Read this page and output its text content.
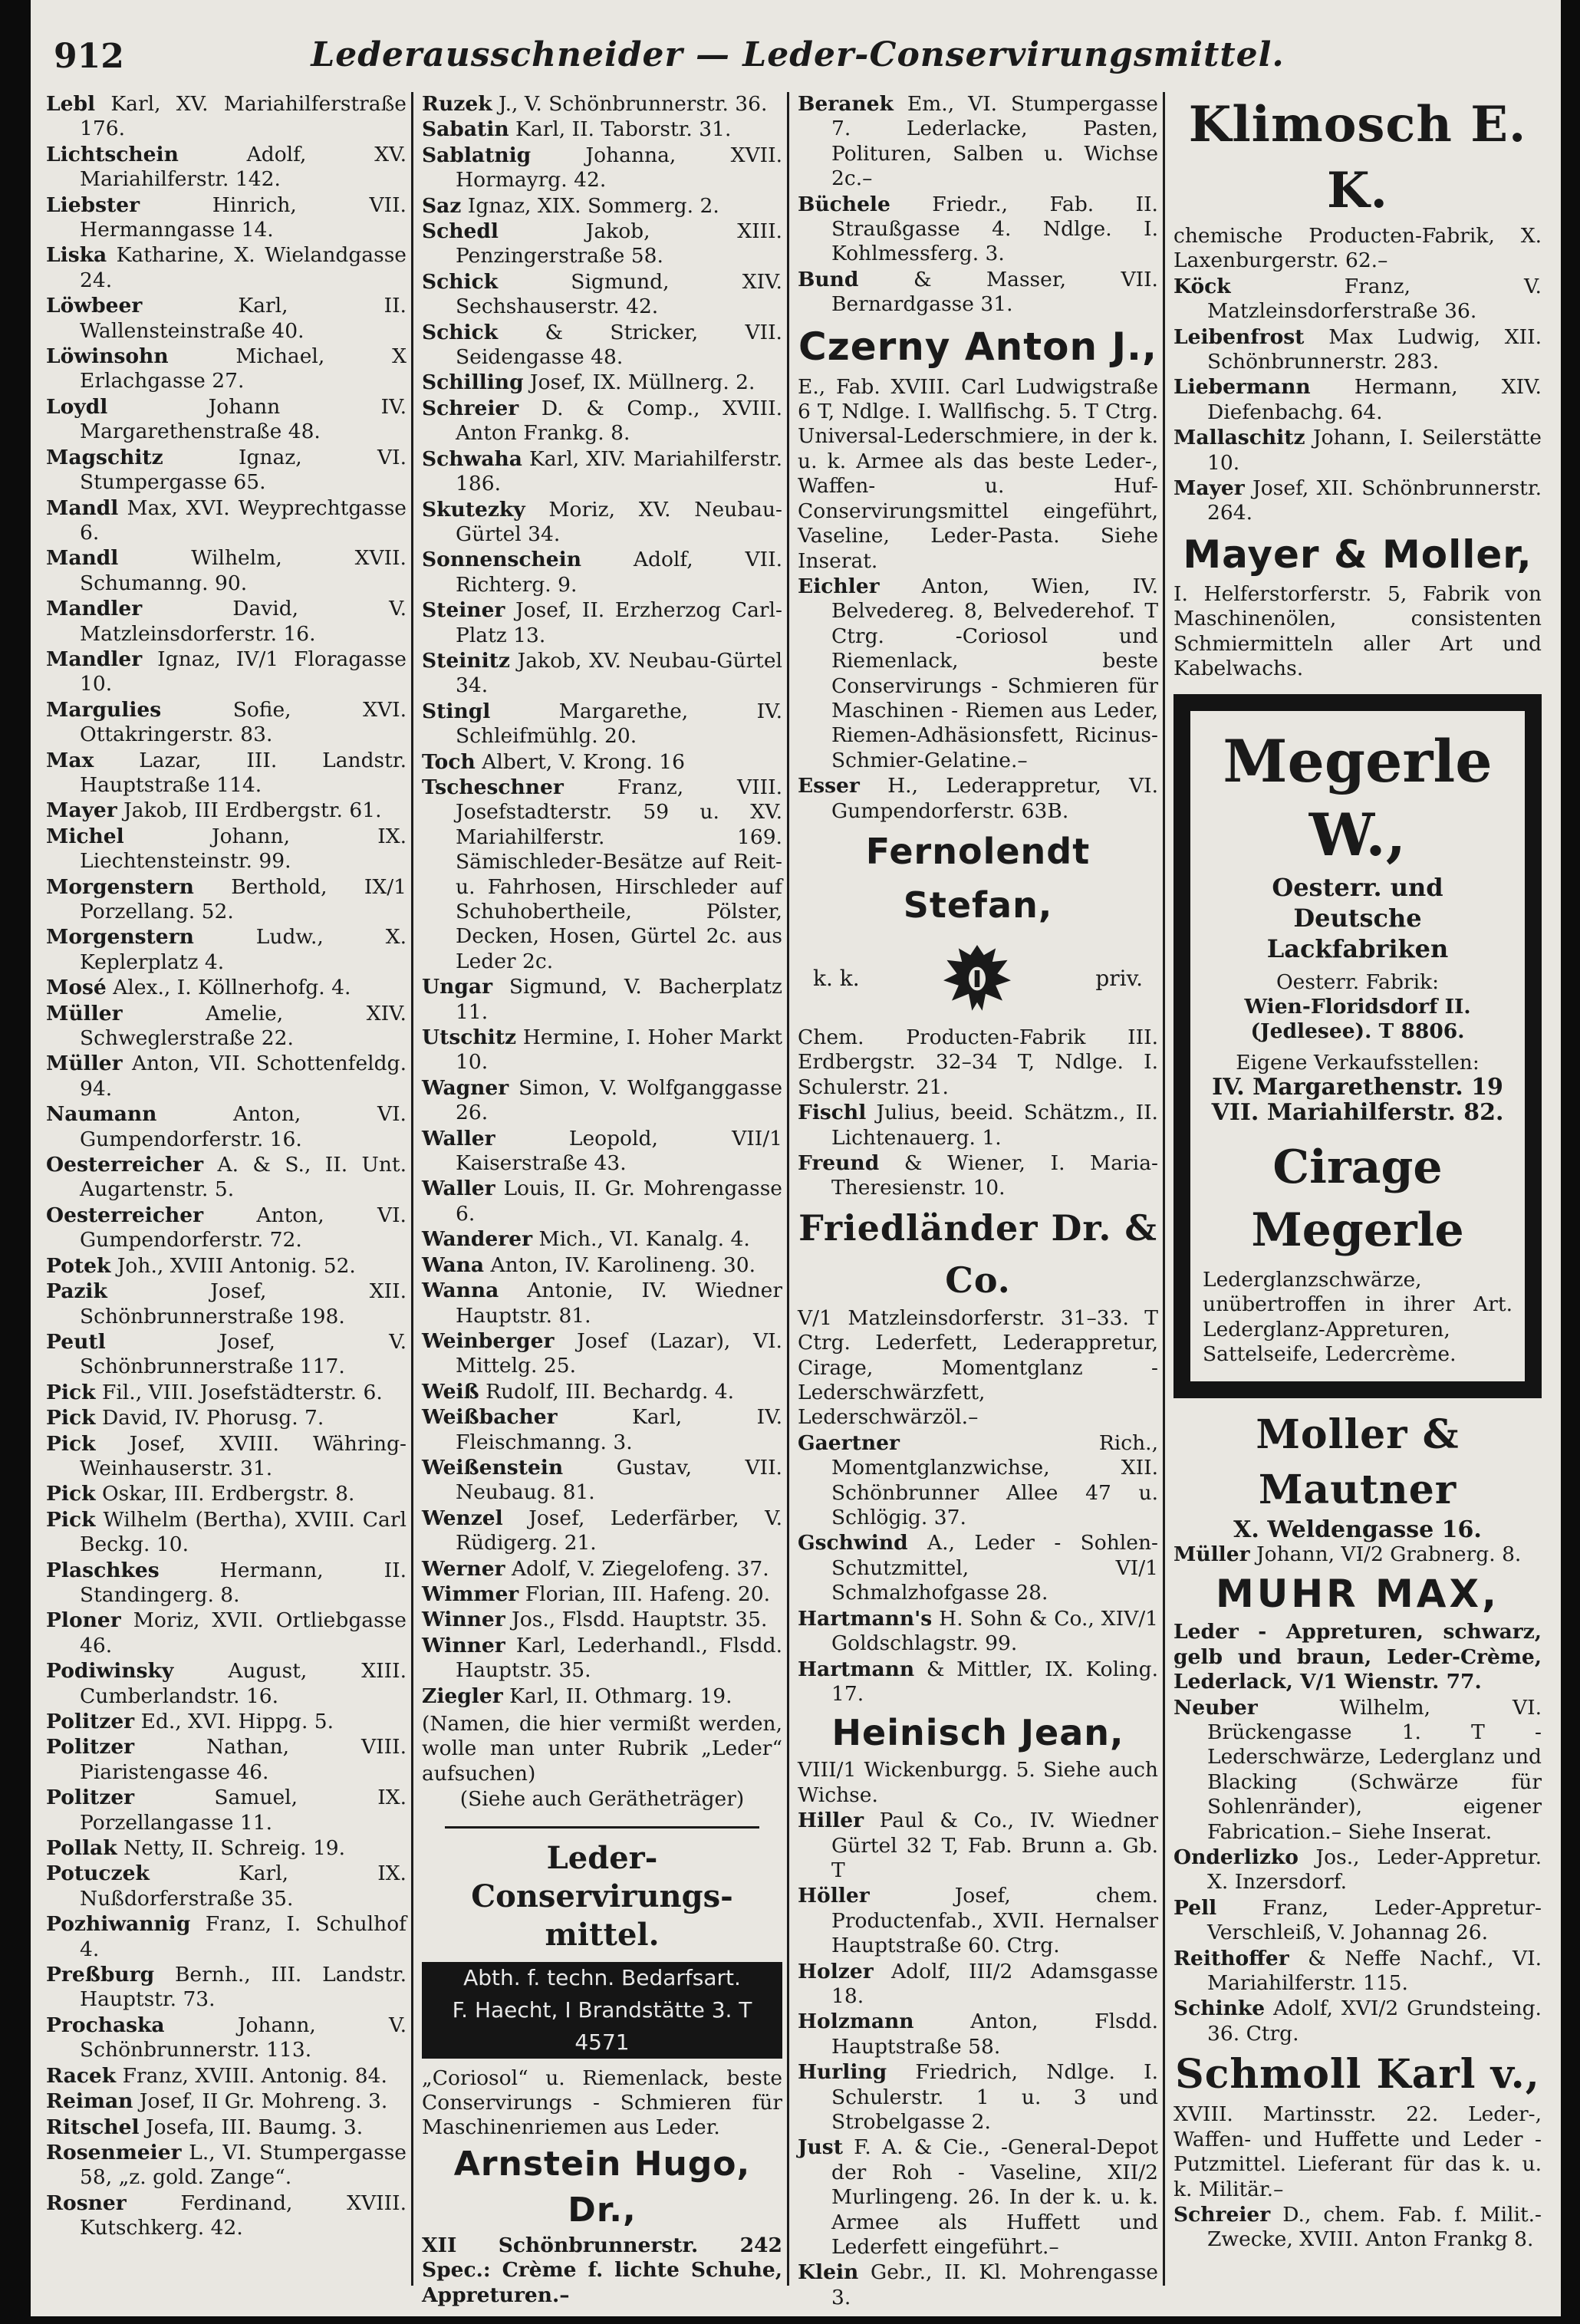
912	Lederausschneider — Leder-Conservirungsmittel.
Lebl Karl, XV. Mariahilferstraße 176.
Lichtschein	Adolf, XV. Mariahilferstr. 142.
Liebster	Hinrich, VII. Hermanngasse 14.
Liska Katharine, X. Wielandgasse 24.
Löwbeer	Karl, II. Wallensteinstraße 40.
Löwinsohn	Michael, X Erlachgasse 27.
Loydl	Johann IV. Margarethenstraße 48.
Magschitz	Ignaz, VI. Stumpergasse 65.
Mandl Max, XVI. Weyprechtgasse 6.
Mandl	Wilhelm, XVII. Schumanng. 90.
Mandler	David, V. Matzleinsdorferstr. 16.
Mandler Ignaz, IV/1 Floragasse 10.
Margulies	Sofie, XVI. Ottakringerstr. 83.
Max Lazar, III. Landstr. Hauptstraße 114.
Mayer Jakob, III Erdbergstr. 61.
Michel	Johann, IX. Liechtensteinstr. 99.
Morgenstern Berthold, IX/1 Porzellang. 52.
Morgenstern	Ludw., X. Keplerplatz 4.
Mosé Alex., I. Köllnerhofg. 4.
Müller	Amelie, XIV. Schweglerstraße 22.
Müller Anton, VII. Schottenfeldg. 94.
Naumann	Anton, VI. Gumpendorferstr. 16.
Oesterreicher A. & S., II. Unt. Augartenstr. 5.
Oesterreicher	Anton, VI. Gumpendorferstr. 72.
Potek Joh., XVIII Antonig. 52.
Pazik	Josef, XII. Schönbrunnerstraße 198.
Peutl	Josef, V. Schönbrunnerstraße 117.
Pick Fil., VIII. Josefstädterstr. 6.
Pick David, IV. Phorusg. 7.
Pick Josef, XVIII. Währing-Weinhauserstr. 31.
Pick Oskar, III. Erdbergstr. 8.
Pick Wilhelm (Bertha), XVIII. Carl Beckg. 10.
Plaschkes	Hermann, II. Standingerg. 8.
Ploner Moriz, XVII. Ortliebgasse 46.
Podiwinsky	August, XIII. Cumberlandstr. 16.
Politzer Ed., XVI. Hippg. 5.
Politzer	Nathan, VIII. Piaristengasse 46.
Politzer	Samuel, IX. Porzellangasse 11.
Pollak Netty, II. Schreig. 19.
Potuczek	Karl, IX. Nußdorferstraße 35.
Pozhiwannig Franz, I. Schulhof 4.
Preßburg Bernh., III. Landstr. Hauptstr. 73.
Prochaska	Johann, V. Schönbrunnerstr. 113.
Racek Franz, XVIII. Antonig. 84.
Reiman Josef, II Gr. Mohreng. 3.
Ritschel Josefa, III. Baumg. 3.
Rosenmeier L., VI. Stumpergasse 58, „z. gold. Zange“.
Rosner	Ferdinand, XVIII. Kutschkerg. 42.
Ruzek J., V. Schönbrunnerstr. 36.
Sabatin Karl, II. Taborstr. 31.
Sablatnig	Johanna, XVII. Hormayrg. 42.
Saz Ignaz, XIX. Sommerg. 2.
Schedl	Jakob, XIII. Penzingerstraße 58.
Schick	Sigmund, XIV. Sechshauserstr. 42.
Schick & Stricker, VII. Seidengasse 48.
Schilling Josef, IX. Müllnerg. 2.
Schreier D. & Comp., XVIII. Anton Frankg. 8.
Schwaha Karl, XIV. Mariahilferstr. 186.
Skutezky Moriz, XV. Neubau-Gürtel 34.
Sonnenschein	Adolf, VII. Richterg. 9.
Steiner Josef, II. Erzherzog Carl-Platz 13.
Steinitz Jakob, XV. Neubau-Gürtel 34.
Stingl	Margarethe, IV. Schleifmühlg. 20.
Toch Albert, V. Krong. 16
Tscheschner	Franz, VIII. Josefstadterstr. 59 u. XV. Mariahilferstr. 169. Sämischleder-Besätze auf Reit- u. Fahrhosen, Hirschleder auf Schuhobertheile, Pölster, Decken, Hosen, Gürtel 2c. aus Leder 2c.
Ungar Sigmund, V. Bacherplatz 11.
Utschitz Hermine, I. Hoher Markt 10.
Wagner Simon, V. Wolfganggasse 26.
Waller	Leopold, VII/1 Kaiserstraße 43.
Waller Louis, II. Gr. Mohrengasse 6.
Wanderer Mich., VI. Kanalg. 4.
Wana Anton, IV. Karolineng. 30.
Wanna Antonie, IV. Wiedner Hauptstr. 81.
Weinberger Josef (Lazar), VI. Mittelg. 25.
Weiß Rudolf, III. Bechardg. 4.
Weißbacher	Karl, IV. Fleischmanng. 3.
Weißenstein	Gustav, VII. Neubaug. 81.
Wenzel Josef, Lederfärber, V. Rüdigerg. 21.
Werner Adolf, V. Ziegelofeng. 37.
Wimmer Florian, III. Hafeng. 20.
Winner Jos., Flsdd. Hauptstr. 35.
Winner Karl, Lederhandl., Flsdd. Hauptstr. 35.
Ziegler Karl, II. Othmarg. 19.
(Namen, die hier vermißt werden, wolle man unter Rubrik „Leder“ aufsuchen)
(Siehe auch Gerätheträger)
Leder-Conservirungs-mittel.
Abth. f. techn. Bedarfsart.
F. Haecht, I Brandstätte 3. T 4571
„Coriosol“ u. Riemenlack, beste Conservirungs - Schmieren für Maschinenriemen aus Leder.
Arnstein Hugo, Dr.,
XII Schönbrunnerstr. 242 Spec.: Crème f. lichte Schuhe, Appreturen.–
Beranek Em., VI. Stumpergasse 7. Lederlacke, Pasten, Polituren, Salben u. Wichse 2c.–
Büchele Friedr., Fab. II. Straußgasse 4. Ndlge. I. Kohlmessferg. 3.
Bund	& Masser, VII. Bernardgasse 31.
Czerny Anton J.,
E., Fab. XVIII. Carl Ludwigstraße 6 T, Ndlge. I. Wallfischg. 5. T Ctrg. Universal-Lederschmiere, in der k. u. k. Armee als das beste Leder-, Waffen- u. Huf-Conservirungsmittel eingeführt, Vaseline, Leder-Pasta. Siehe Inserat.
Eichler Anton, Wien, IV. Belvedereg. 8, Belvederehof. T Ctrg. -Coriosol und Riemenlack, beste Conservirungs - Schmieren für Maschinen - Riemen aus Leder, Riemen-Adhäsionsfett, Ricinus-Schmier-Gelatine.–
Esser H., Lederappretur, VI. Gumpendorferstr. 63B.
Fernolendt Stefan,
k. k.	priv.
Chem. Producten-Fabrik III. Erdbergstr. 32–34 T, Ndlge. I. Schulerstr. 21.
Fischl Julius, beeid. Schätzm., II. Lichtenauerg. 1.
Freund & Wiener, I. Maria-Theresienstr. 10.
Friedländer Dr. & Co.
V/1 Matzleinsdorferstr. 31–33. T Ctrg. Lederfett, Lederappretur, Cirage, Momentglanz - Lederschwärzfett, Lederschwärzöl.–
Gaertner	Rich., Momentglanzwichse, XII. Schönbrunner Allee 47 u. Schlögig. 37.
Gschwind A., Leder - Sohlen-Schutzmittel, VI/1 Schmalzhofgasse 28.
Hartmann's H. Sohn & Co., XIV/1 Goldschlagstr. 99.
Hartmann & Mittler, IX. Koling. 17.
Heinisch Jean,
VIII/1 Wickenburgg. 5. Siehe auch Wichse.
Hiller Paul & Co., IV. Wiedner Gürtel 32 T, Fab. Brunn a. Gb. T
Höller	Josef, chem. Productenfab., XVII. Hernalser Hauptstraße 60. Ctrg.
Holzer Adolf, III/2 Adamsgasse 18.
Holzmann	Anton, Flsdd. Hauptstraße 58.
Hurling Friedrich, Ndlge. I. Schulerstr. 1 u. 3 und Strobelgasse 2.
Just F. A. & Cie., -General-Depot der Roh - Vaseline, XII/2 Murlingeng. 26. In der k. u. k. Armee als Huffett und Lederfett eingeführt.–
Klein Gebr., II. Kl. Mohrengasse 3.
Klimosch E. K.
chemische Producten-Fabrik, X. Laxenburgerstr. 62.–
Köck	Franz, V. Matzleinsdorferstraße 36.
Leibenfrost Max Ludwig, XII. Schönbrunnerstr. 283.
Liebermann Hermann, XIV. Diefenbachg. 64.
Mallaschitz Johann, I. Seilerstätte 10.
Mayer Josef, XII. Schönbrunnerstr. 264.
Mayer & Moller,
I. Helferstorferstr. 5, Fabrik von Maschinenölen, consistenten Schmiermitteln aller Art und Kabelwachs.
Megerle W.,
Oesterr. und
Deutsche Lackfabriken
Oesterr. Fabrik:
Wien-Floridsdorf II.
(Jedlesee). T 8806.
Eigene Verkaufsstellen:
IV. Margarethenstr. 19
VII. Mariahilferstr. 82.
Cirage Megerle
Lederglanzschwärze, unübertroffen in ihrer Art. Lederglanz-Appreturen, Sattelseife, Ledercrème.
Moller & Mautner
X. Weldengasse 16.
Müller Johann, VI/2 Grabnerg. 8.
MUHR MAX,
Leder - Appreturen, schwarz, gelb und braun, Leder-Crème, Lederlack, V/1 Wienstr. 77.
Neuber	Wilhelm, VI. Brückengasse 1. T -Lederschwärze, Lederglanz und Blacking (Schwärze für Sohlenränder), eigener Fabrication.– Siehe Inserat.
Onderlizko Jos., Leder-Appretur. X. Inzersdorf.
Pell Franz, Leder-Appretur-Verschleiß, V. Johannag 26.
Reithoffer & Neffe Nachf., VI. Mariahilferstr. 115.
Schinke Adolf, XVI/2 Grundsteing. 36. Ctrg.
Schmoll Karl v.,
XVIII. Martinsstr. 22. Leder-, Waffen- und Huffette und Leder - Putzmittel. Lieferant für das k. u. k. Militär.–
Schreier D., chem. Fab. f. Milit.-Zwecke, XVIII. Anton Frankg 8.
